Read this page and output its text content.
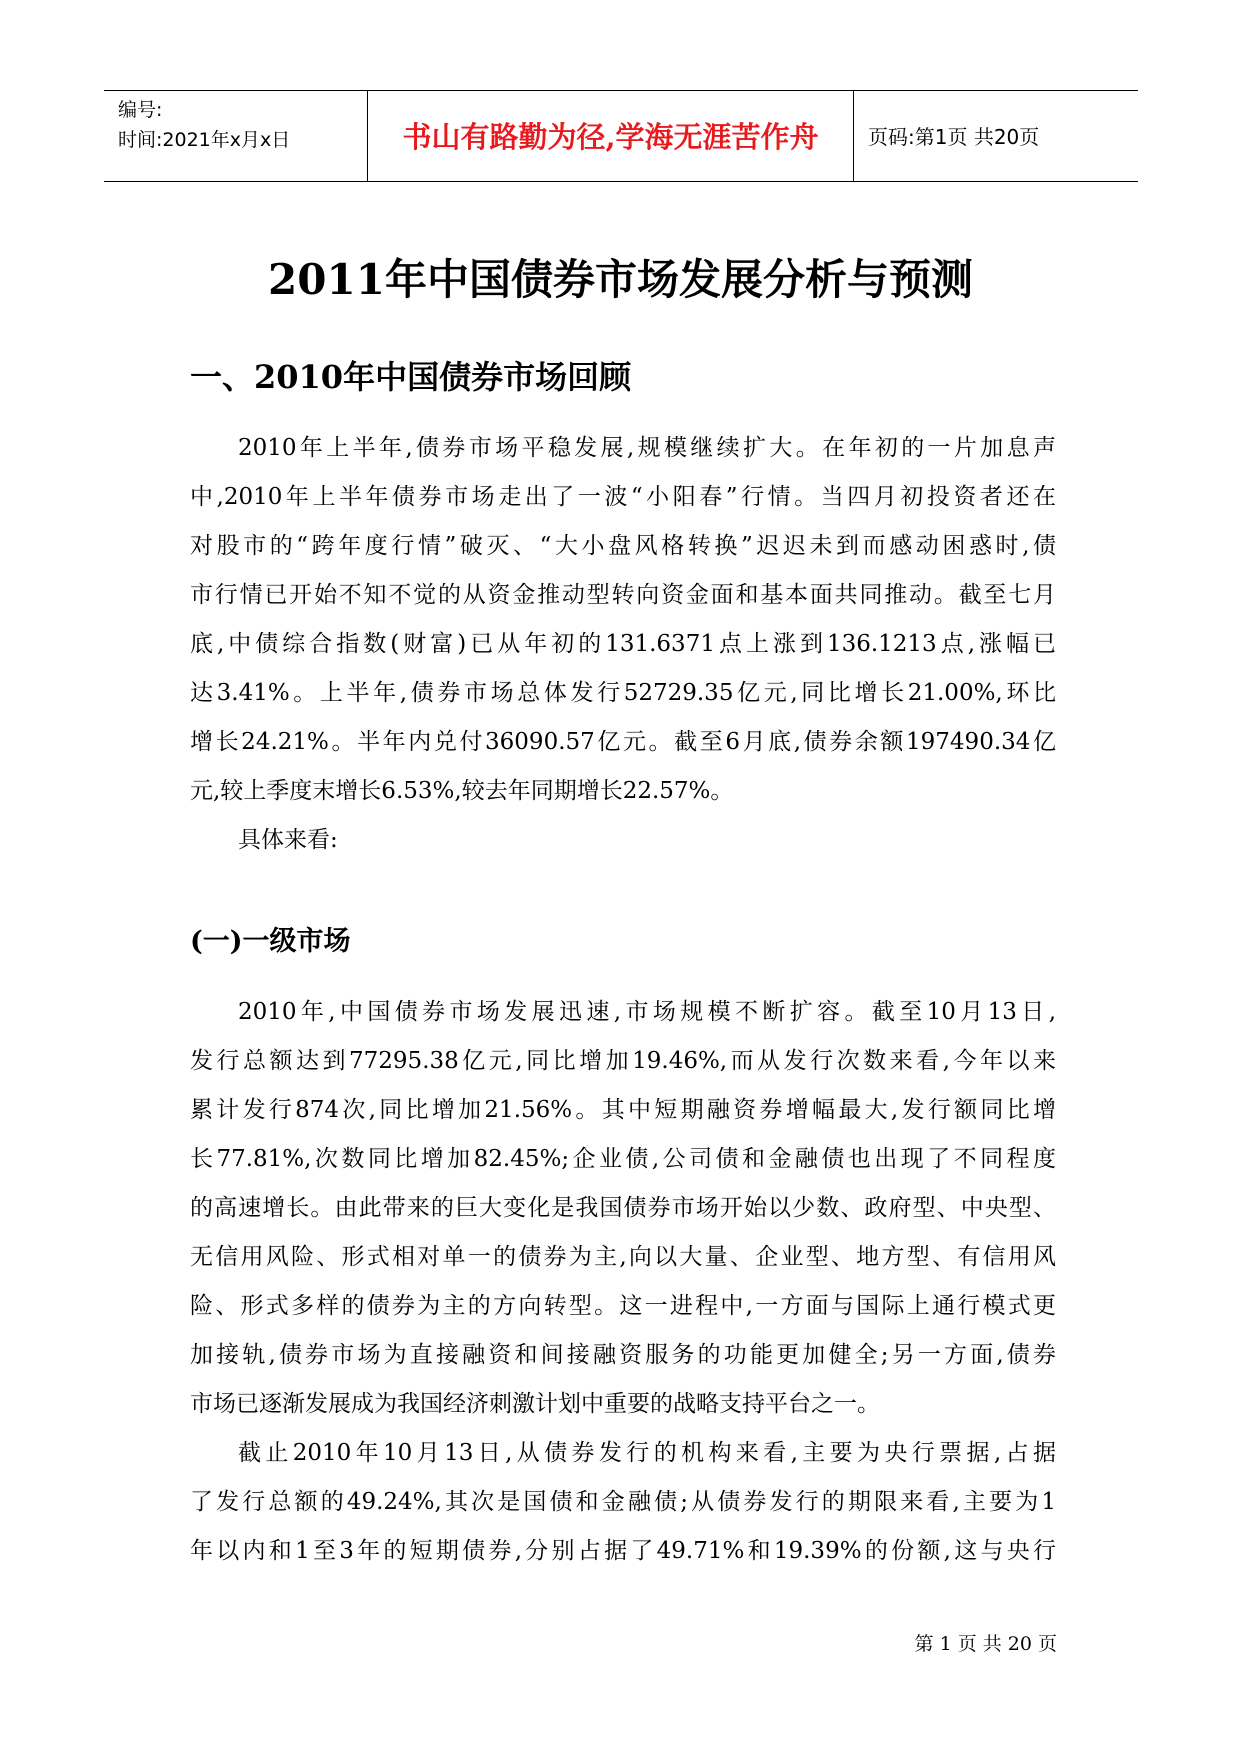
编号:
时间:2021年x月x日	书山有路勤为径,学海无涯苦作舟	页码:第1页 共20页
2011年中国债券市场发展分析与预测
一、2010年中国债券市场回顾
2010年上半年,债券市场平稳发展,规模继续扩大。在年初的一片加息声
中,2010年上半年债券市场走出了一波“小阳春”行情。当四月初投资者还在
对股市的“跨年度行情”破灭、“大小盘风格转换”迟迟未到而感动困惑时,债
市行情已开始不知不觉的从资金推动型转向资金面和基本面共同推动。截至七月
底,中债综合指数(财富)已从年初的131.6371点上涨到136.1213点,涨幅已
达3.41%。上半年,债券市场总体发行52729.35亿元,同比增长21.00%,环比
增长24.21%。半年内兑付36090.57亿元。截至6月底,债券余额197490.34亿
元,较上季度末增长6.53%,较去年同期增长22.57%。
具体来看:
(一)一级市场
2010年,中国债券市场发展迅速,市场规模不断扩容。截至10月13日,
发行总额达到77295.38亿元,同比增加19.46%,而从发行次数来看,今年以来
累计发行874次,同比增加21.56%。其中短期融资券增幅最大,发行额同比增
长77.81%,次数同比增加82.45%;企业债,公司债和金融债也出现了不同程度
的高速增长。由此带来的巨大变化是我国债券市场开始以少数、政府型、中央型、
无信用风险、形式相对单一的债券为主,向以大量、企业型、地方型、有信用风
险、形式多样的债券为主的方向转型。这一进程中,一方面与国际上通行模式更
加接轨,债券市场为直接融资和间接融资服务的功能更加健全;另一方面,债券
市场已逐渐发展成为我国经济刺激计划中重要的战略支持平台之一。
截止2010年10月13日,从债券发行的机构来看,主要为央行票据,占据
了发行总额的49.24%,其次是国债和金融债;从债券发行的期限来看,主要为1
年以内和1至3年的短期债券,分别占据了49.71%和19.39%的份额,这与央行
第 1 页 共 20 页
